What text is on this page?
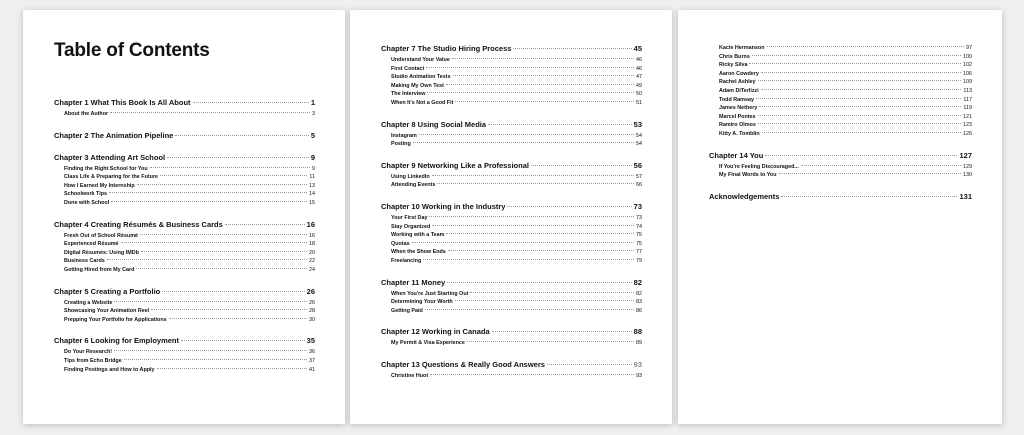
Table of Contents
Chapter 1 What This Book Is All About	1
About the Author	3
Chapter 2 The Animation Pipeline	5
Chapter 3 Attending Art School	9
Finding the Right School for You	9
Class Life & Preparing for the Future	11
How I Earned My Internship	13
Schoolwork Tips	14
Done with School	15
Chapter 4 Creating Résumés & Business Cards	16
Fresh Out of School Résumé	16
Experienced Résumé	18
Digital Résumés: Using IMDb	20
Business Cards	22
Getting Hired from My Card	24
Chapter 5 Creating a Portfolio	26
Creating a Website	26
Showcasing Your Animation Reel	28
Prepping Your Portfolio for Applications	30
Chapter 6 Looking for Employment	35
Do Your Research!	36
Tips from Echo Bridge	37
Finding Postings and How to Apply	41
Chapter 7 The Studio Hiring Process	45
Understand Your Value	46
First Contact	46
Studio Animation Tests	47
Making My Own Test	49
The Interview	50
When It's Not a Good Fit	51
Chapter 8 Using Social Media	53
Instagram	54
Posting	54
Chapter 9 Networking Like a Professional	56
Using LinkedIn	57
Attending Events	66
Chapter 10 Working in the Industry	73
Your First Day	73
Stay Organized	74
Working with a Team	75
Quotas	75
When the Show Ends	77
Freelancing	79
Chapter 11 Money	82
When You're Just Starting Out	82
Determining Your Worth	83
Getting Paid	86
Chapter 12 Working in Canada	88
My Permit & Visa Experience	89
Chapter 13 Questions & Really Good Answers	93
Christine Huot	93
Kacie Hermanson	97
Chris Burns	100
Ricky Silva	102
Aaron Cowdery	106
Rachel Ashley	109
Adam DiTerlizzi	113
Todd Ramsay	117
James Nethery	119
Marcel Pontes	121
Ramiro Olmos	123
Kitty A. Tomblin	126
Chapter 14 You	127
If You're Feeling Discouraged...	129
My Final Words to You	130
Acknowledgements	131
